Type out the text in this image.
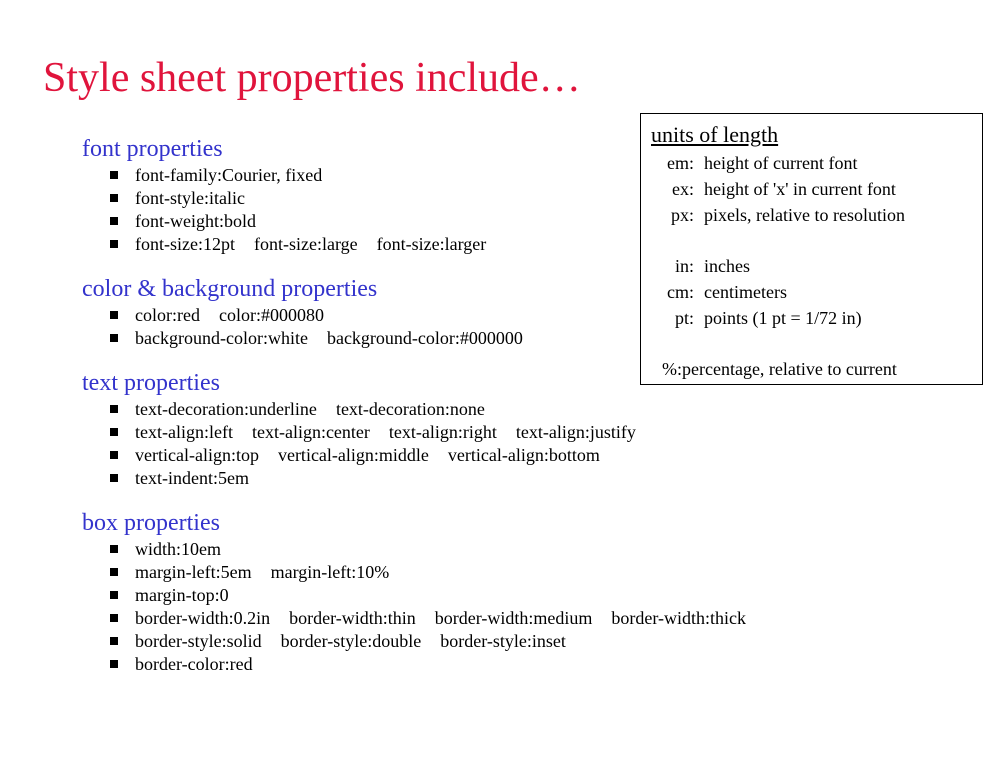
Style sheet properties include…
font properties
font-family:Courier, fixed
font-style:italic
font-weight:bold
font-size:12pt font-size:large font-size:larger
color & background properties
color:red color:#000080
background-color:white background-color:#000000
text properties
text-decoration:underline text-decoration:none
text-align:left text-align:center text-align:right text-align:justify
vertical-align:top vertical-align:middle vertical-align:bottom
text-indent:5em
box properties
width:10em
margin-left:5em margin-left:10%
margin-top:0
border-width:0.2in border-width:thin border-width:medium border-width:thick
border-style:solid border-style:double border-style:inset
border-color:red
units of length
em: height of current font
ex: height of 'x' in current font
px: pixels, relative to resolution
in: inches
cm: centimeters
pt: points (1 pt = 1/72 in)
%:percentage, relative to current
